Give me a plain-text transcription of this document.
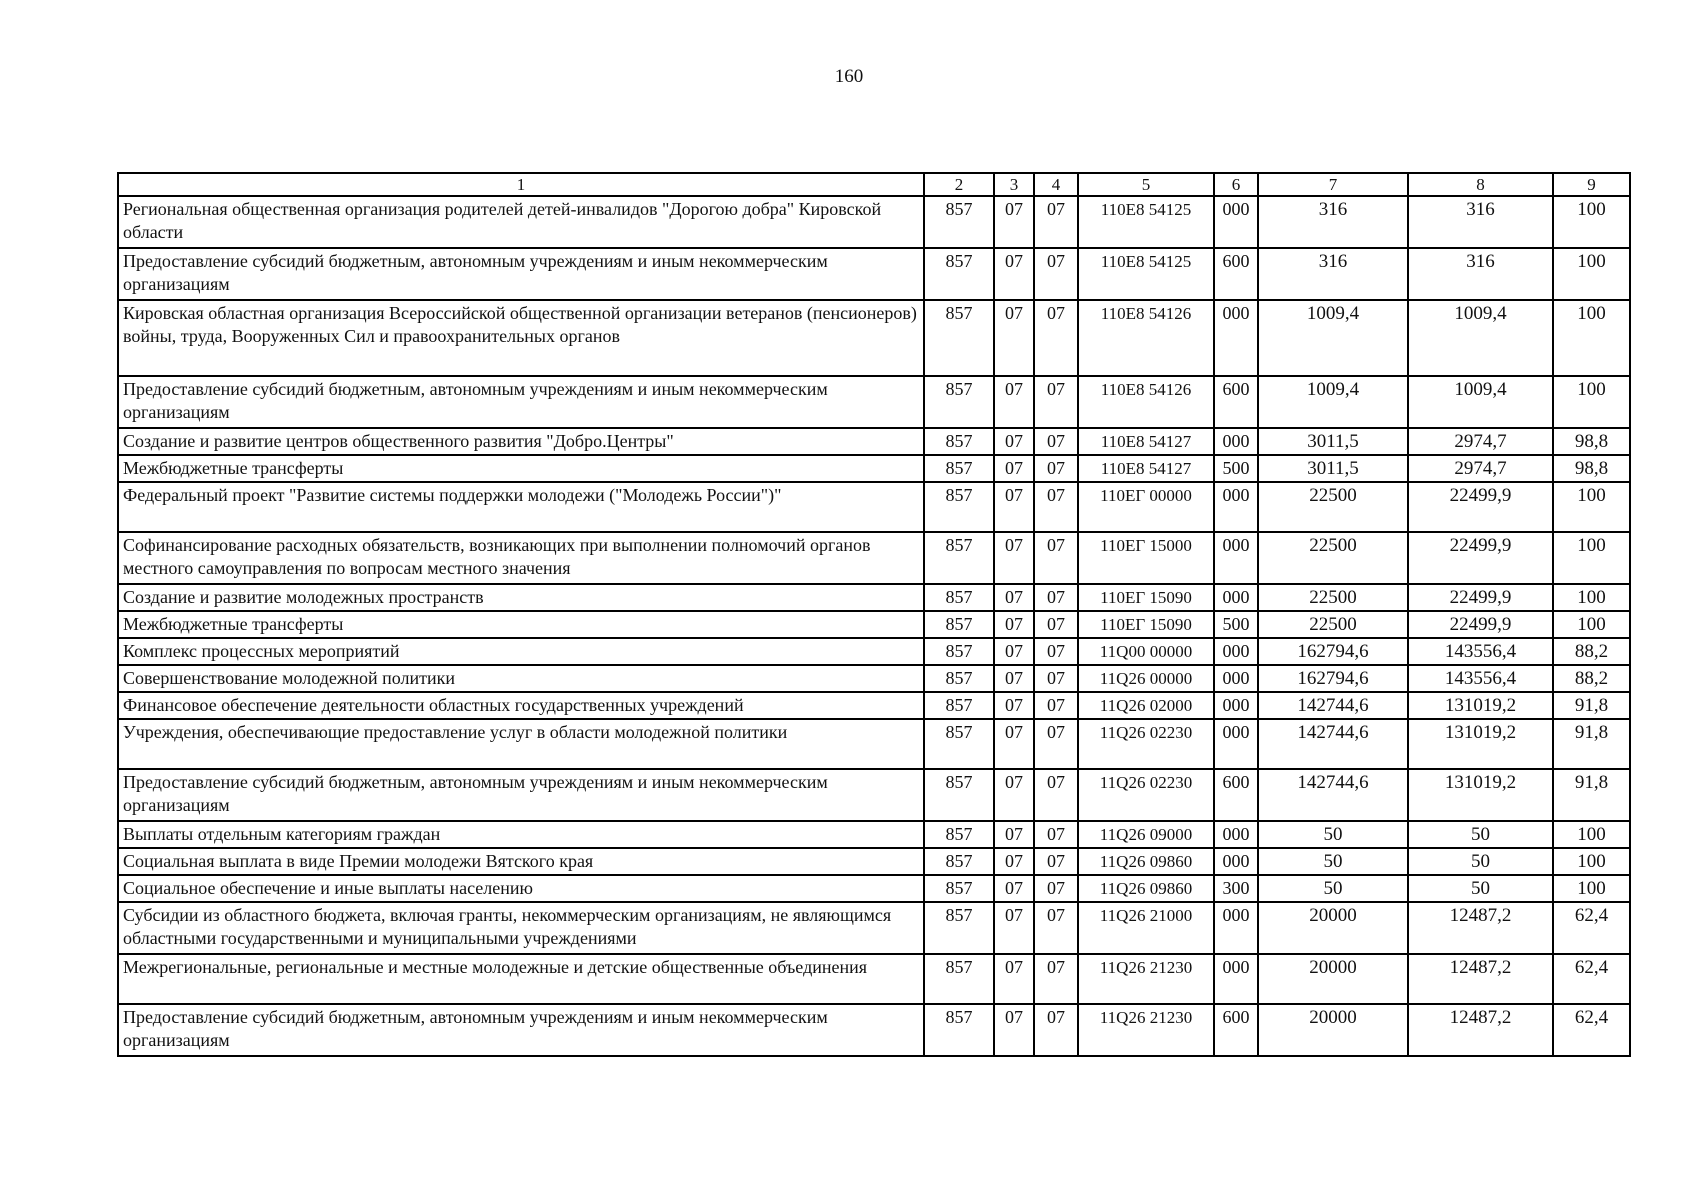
160
1	2	3	4	5	6	7	8	9
Региональная общественная организация родителей детей-инвалидов "Дорогою добра" Кировской области	857	07	07	110E8 54125	000	316	316	100
Предоставление субсидий бюджетным, автономным учреждениям и иным некоммерческим организациям	857	07	07	110E8 54125	600	316	316	100
Кировская областная организация Всероссийской общественной организации ветеранов (пенсионеров) войны, труда, Вооруженных Сил и правоохранительных органов	857	07	07	110E8 54126	000	1009,4	1009,4	100
Предоставление субсидий бюджетным, автономным учреждениям и иным некоммерческим организациям	857	07	07	110E8 54126	600	1009,4	1009,4	100
Создание и развитие центров общественного развития "Добро.Центры"	857	07	07	110E8 54127	000	3011,5	2974,7	98,8
Межбюджетные трансферты	857	07	07	110E8 54127	500	3011,5	2974,7	98,8
Федеральный проект "Развитие системы поддержки молодежи ("Молодежь России")"	857	07	07	110ЕГ 00000	000	22500	22499,9	100
Софинансирование расходных обязательств, возникающих при выполнении полномочий органов местного самоуправления по вопросам местного значения	857	07	07	110ЕГ 15000	000	22500	22499,9	100
Создание и развитие молодежных пространств	857	07	07	110ЕГ 15090	000	22500	22499,9	100
Межбюджетные трансферты	857	07	07	110ЕГ 15090	500	22500	22499,9	100
Комплекс процессных мероприятий	857	07	07	11Q00 00000	000	162794,6	143556,4	88,2
Совершенствование молодежной политики	857	07	07	11Q26 00000	000	162794,6	143556,4	88,2
Финансовое обеспечение деятельности областных государственных учреждений	857	07	07	11Q26 02000	000	142744,6	131019,2	91,8
Учреждения, обеспечивающие предоставление услуг в области молодежной политики	857	07	07	11Q26 02230	000	142744,6	131019,2	91,8
Предоставление субсидий бюджетным, автономным учреждениям и иным некоммерческим организациям	857	07	07	11Q26 02230	600	142744,6	131019,2	91,8
Выплаты отдельным категориям граждан	857	07	07	11Q26 09000	000	50	50	100
Социальная выплата в виде Премии молодежи Вятского края	857	07	07	11Q26 09860	000	50	50	100
Социальное обеспечение и иные выплаты населению	857	07	07	11Q26 09860	300	50	50	100
Субсидии из областного бюджета, включая гранты, некоммерческим организациям, не являющимся областными государственными и муниципальными учреждениями	857	07	07	11Q26 21000	000	20000	12487,2	62,4
Межрегиональные, региональные и местные молодежные и детские общественные объединения	857	07	07	11Q26 21230	000	20000	12487,2	62,4
Предоставление субсидий бюджетным, автономным учреждениям и иным некоммерческим организациям	857	07	07	11Q26 21230	600	20000	12487,2	62,4
